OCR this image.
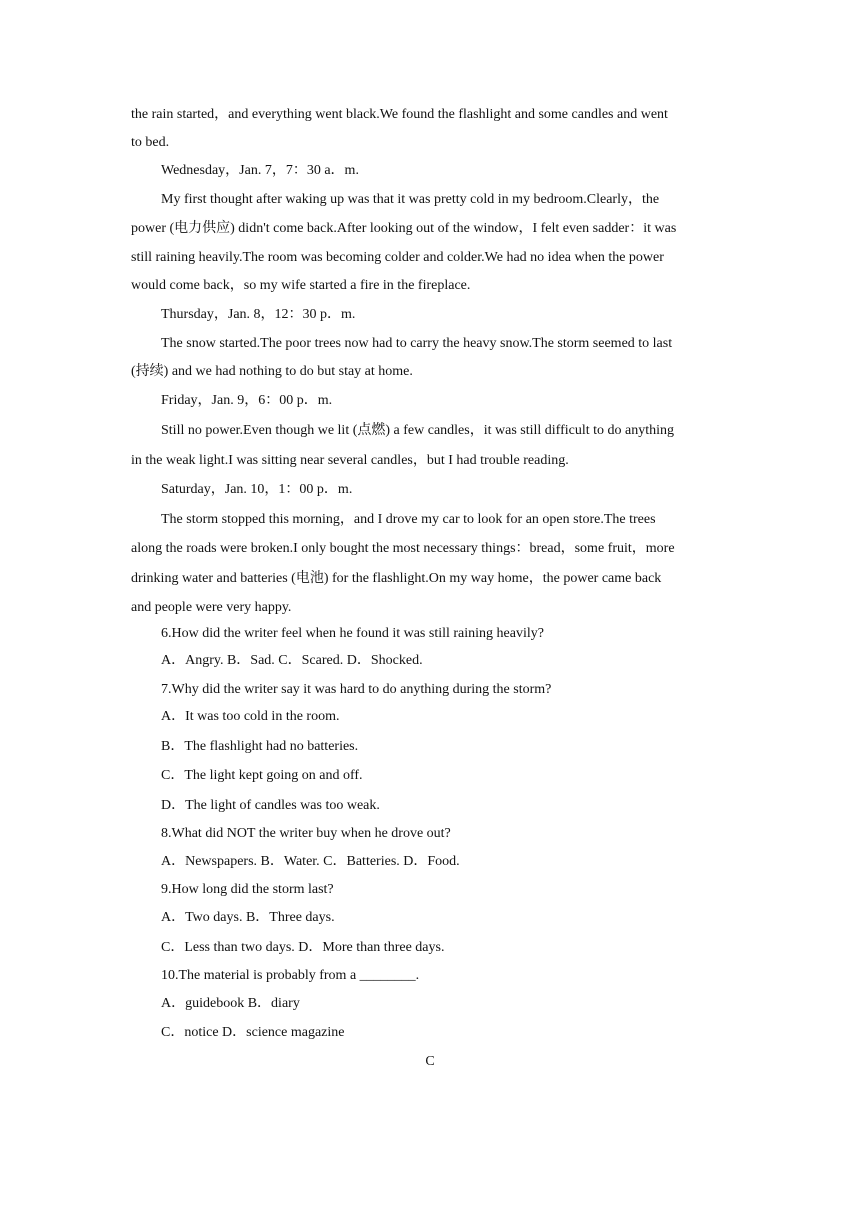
the rain started，and everything went black.We found the flashlight and some candles and went
to bed.
Wednesday，Jan. 7，7：30 a．m.
My first thought after waking up was that it was pretty cold in my bedroom.Clearly，the
power (电力供应) didn't come back.After looking out of the window，I felt even sadder：it was
still raining heavily.The room was becoming colder and colder.We had no idea when the power
would come back，so my wife started a fire in the fireplace.
Thursday，Jan. 8，12：30 p．m.
The snow started.The poor trees now had to carry the heavy snow.The storm seemed to last
(持续) and we had nothing to do but stay at home.
Friday，Jan. 9，6：00 p．m.
Still no power.Even though we lit (点燃) a few candles，it was still difficult to do anything
in the weak light.I was sitting near several candles，but I had trouble reading.
Saturday，Jan. 10，1：00 p．m.
The storm stopped this morning，and I drove my car to look for an open store.The trees
along the roads were broken.I only bought the most necessary things：bread，some fruit，more
drinking water and batteries (电池) for the flashlight.On my way home，the power came back
and people were very happy.
6.How did the writer feel when he found it was still raining heavily?
A．Angry. B．Sad. C．Scared. D．Shocked.
7.Why did the writer say it was hard to do anything during the storm?
A．It was too cold in the room.
B．The flashlight had no batteries.
C．The light kept going on and off.
D．The light of candles was too weak.
8.What did NOT the writer buy when he drove out?
A．Newspapers. B．Water. C．Batteries. D．Food.
9.How long did the storm last?
A．Two days. B．Three days.
C．Less than two days. D．More than three days.
10.The material is probably from a ________.
A．guidebook B．diary
C．notice D．science magazine
C
